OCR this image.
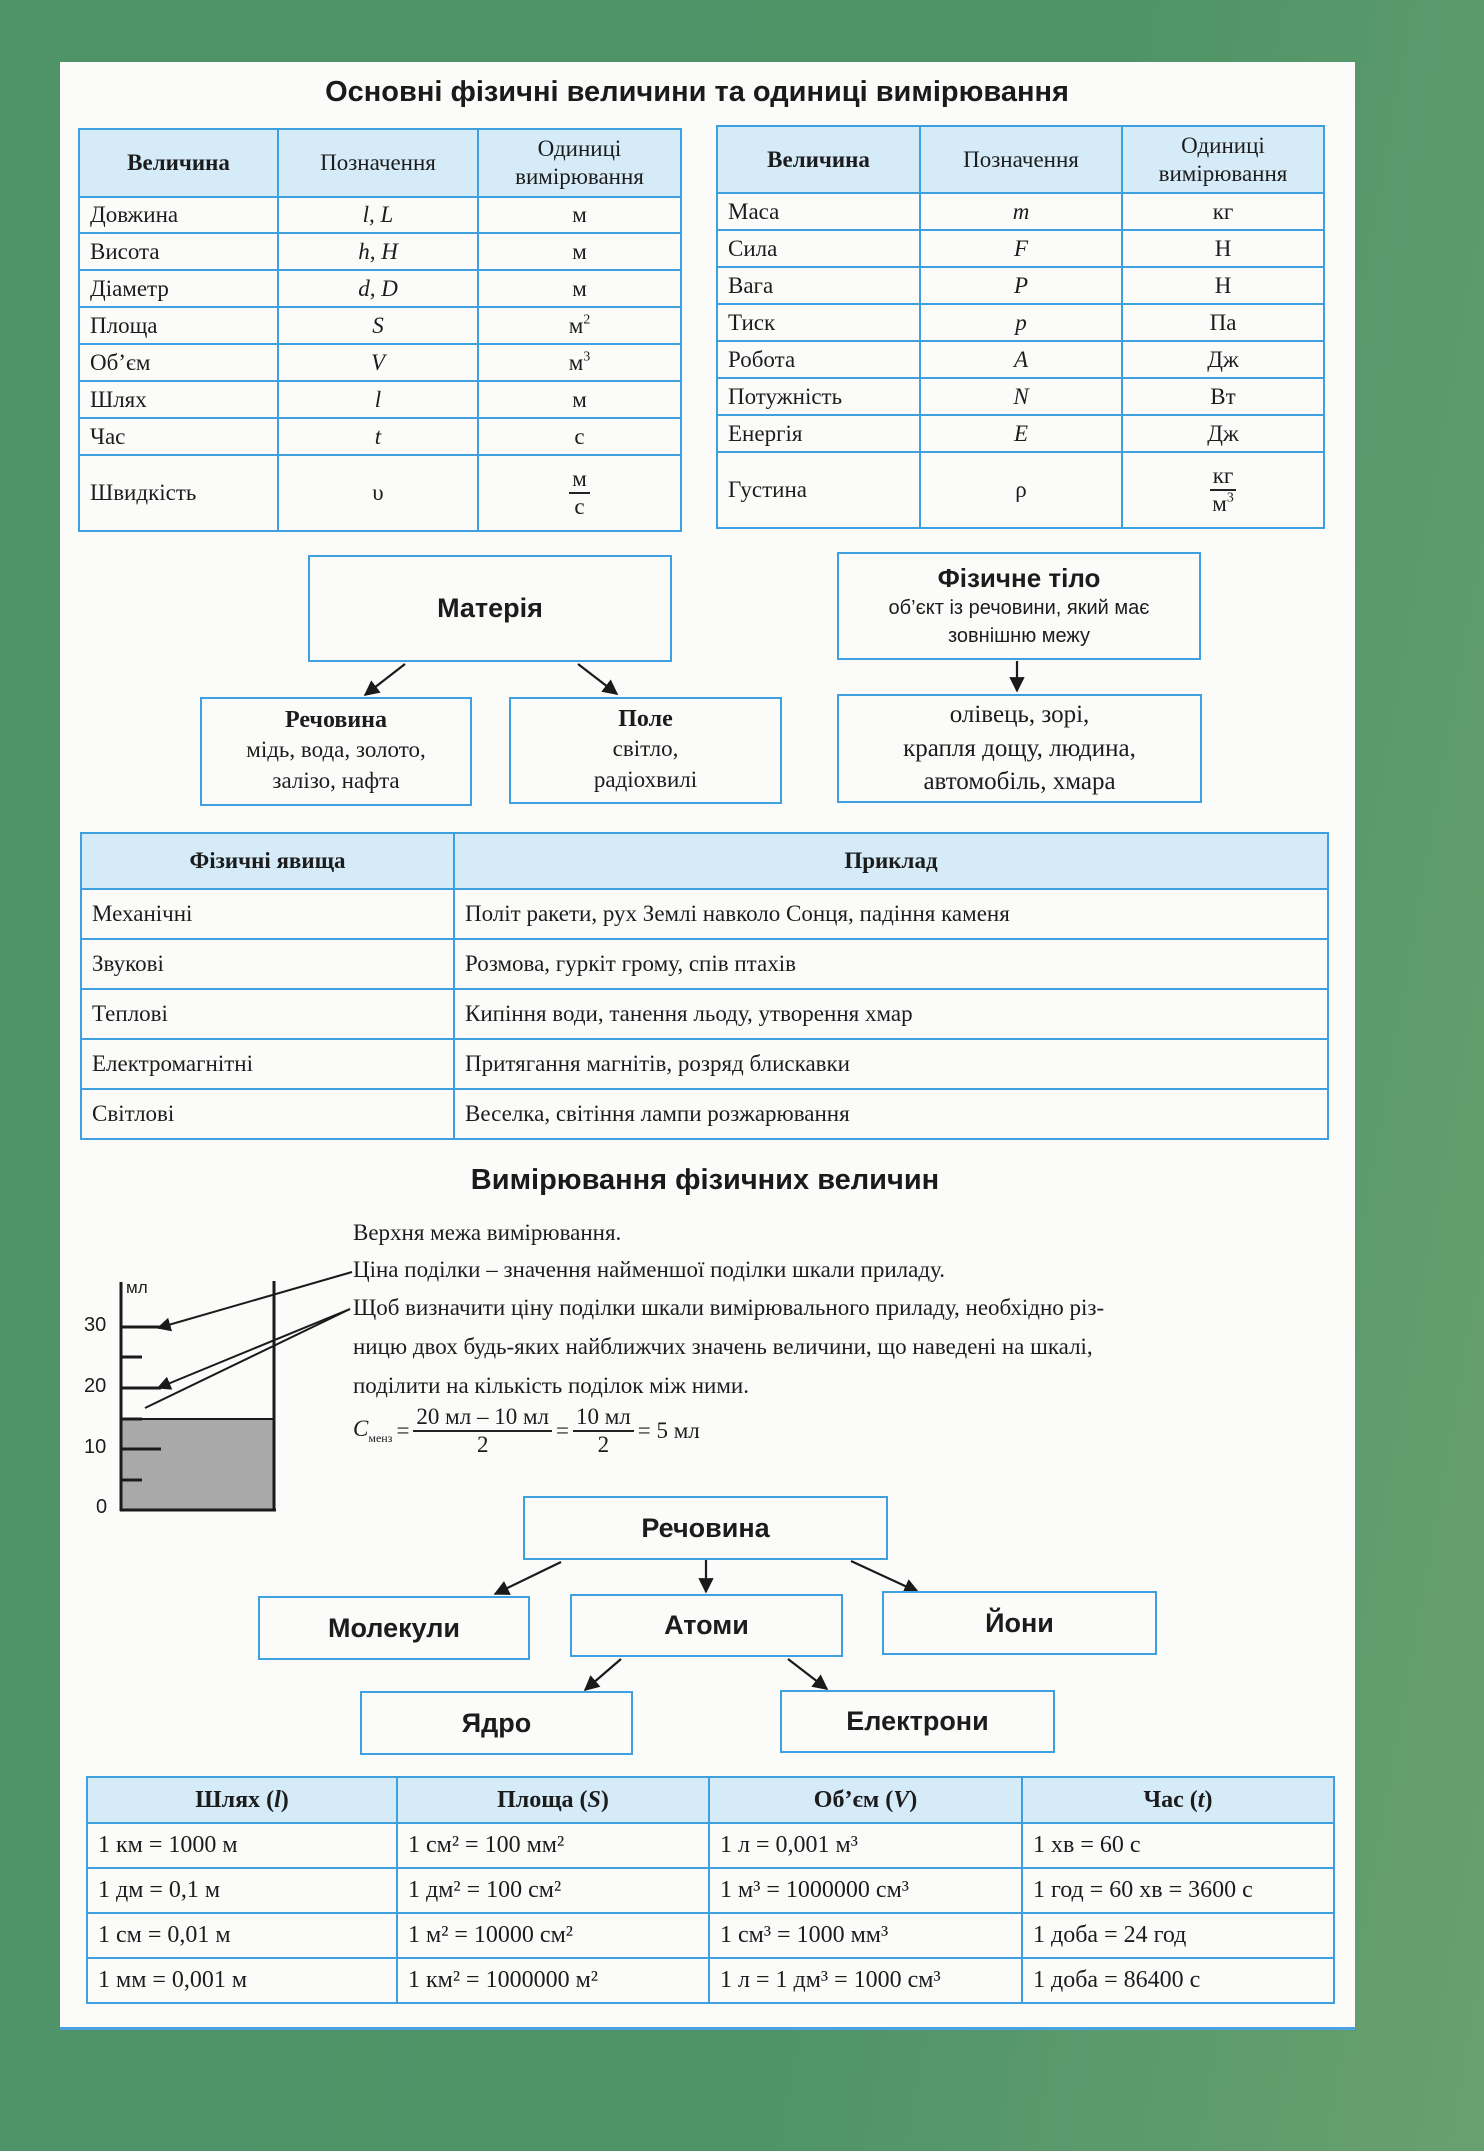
Основні фізичні величини та одиниці вимірювання
Величина	Позначення	Одиниці вимірювання
Довжина	l, L	м
Висота	h, H	м
Діаметр	d, D	м
Площа	S	$м^2$
Об’єм	V	$м^3$
Шлях	l	м
Час	t	с
Швидкість	υ	$\frac{м}{с}$
Величина	Позначення	Одиниці вимірювання
Маса	m	кг
Сила	F	Н
Вага	P	Н
Тиск	p	Па
Робота	A	Дж
Потужність	N	Вт
Енергія	E	Дж
Густина	ρ	$\frac{кг}{м^3}$
Матерія
Речовина
мідь, вода, золото,
залізо, нафта
Поле
світло,
радіохвилі
Фізичне тіло
об’єкт із речовини, який має
зовнішню межу
олівець, зорі,
крапля дощу, людина,
автомобіль, хмара
Фізичні явища	Приклад
Механічні	Політ ракети, рух Землі навколо Сонця, падіння каменя
Звукові	Розмова, гуркіт грому, спів птахів
Теплові	Кипіння води, танення льоду, утворення хмар
Електромагнітні	Притягання магнітів, розряд блискавки
Світлові	Веселка, світіння лампи розжарювання
Вимірювання фізичних величин
Верхня межа вимірювання.
Ціна поділки – значення найменшої поділки шкали приладу.
Щоб визначити ціну поділки шкали вимірювального приладу, необхідно різ-
ницю двох будь-яких найближчих значень величини, що наведені на шкалі,
поділити на кількість поділок між ними.
$C_{менз} = \frac{20 мл - 10 мл}{2} = \frac{10 мл}{2} = 5$ мл
мл
30
20
10
0
Речовина
Молекули	Атоми	Йони
Ядро	Електрони
Шлях (l)	Площа (S)	Об’єм (V)	Час (t)
1 км = 1000 м	1 см² = 100 мм²	1 л = 0,001 м³	1 хв = 60 с
1 дм = 0,1 м	1 дм² = 100 см²	1 м³ = 1000000 см³	1 год = 60 хв = 3600 с
1 см = 0,01 м	1 м² = 10000 см²	1 см³ = 1000 мм³	1 доба = 24 год
1 мм = 0,001 м	1 км² = 1000000 м²	1 л = 1 дм³ = 1000 см³	1 доба = 86400 с
